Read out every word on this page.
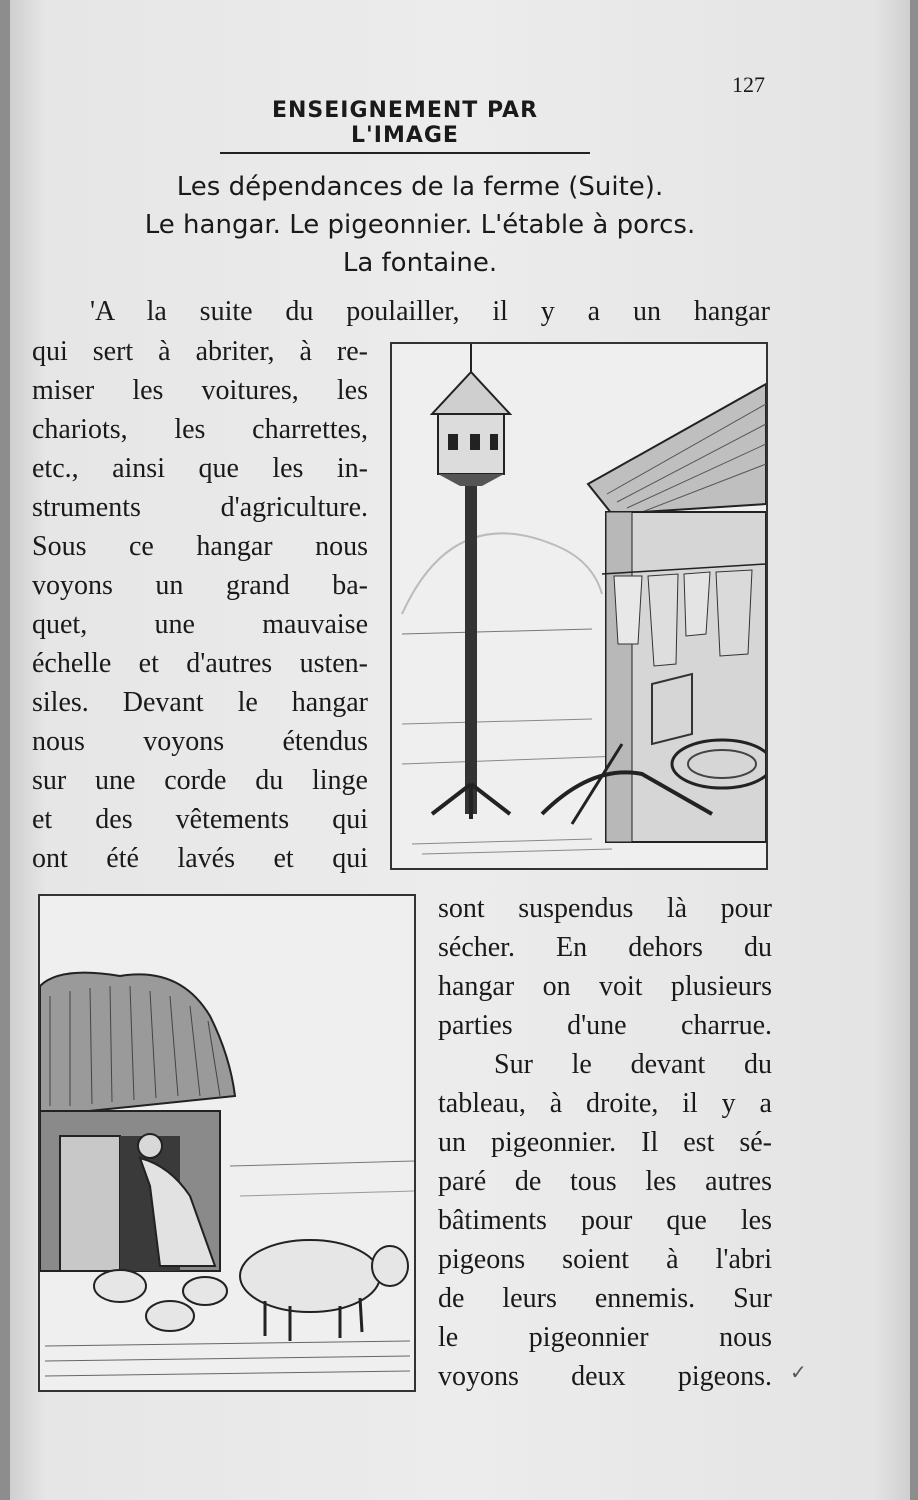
127
ENSEIGNEMENT PAR L'IMAGE
Les dépendances de la ferme (Suite).
Le hangar. Le pigeonnier. L'étable à porcs.
La fontaine.
'A la suite du poulailler, il y a un hangar
qui sert à abriter, à re-
miser les voitures, les
chariots, les charrettes,
etc., ainsi que les in-
struments d'agriculture.
Sous ce hangar nous
voyons un grand ba-
quet, une mauvaise
échelle et d'autres usten-
siles. Devant le hangar
nous voyons étendus
sur une corde du linge
et des vêtements qui
ont été lavés et qui
sont suspendus là pour
sécher. En dehors du
hangar on voit plusieurs
parties d'une charrue.
Sur le devant du
tableau, à droite, il y a
un pigeonnier. Il est sé-
paré de tous les autres
bâtiments pour que les
pigeons soient à l'abri
de leurs ennemis. Sur
le pigeonnier nous
voyons deux pigeons. ✓
